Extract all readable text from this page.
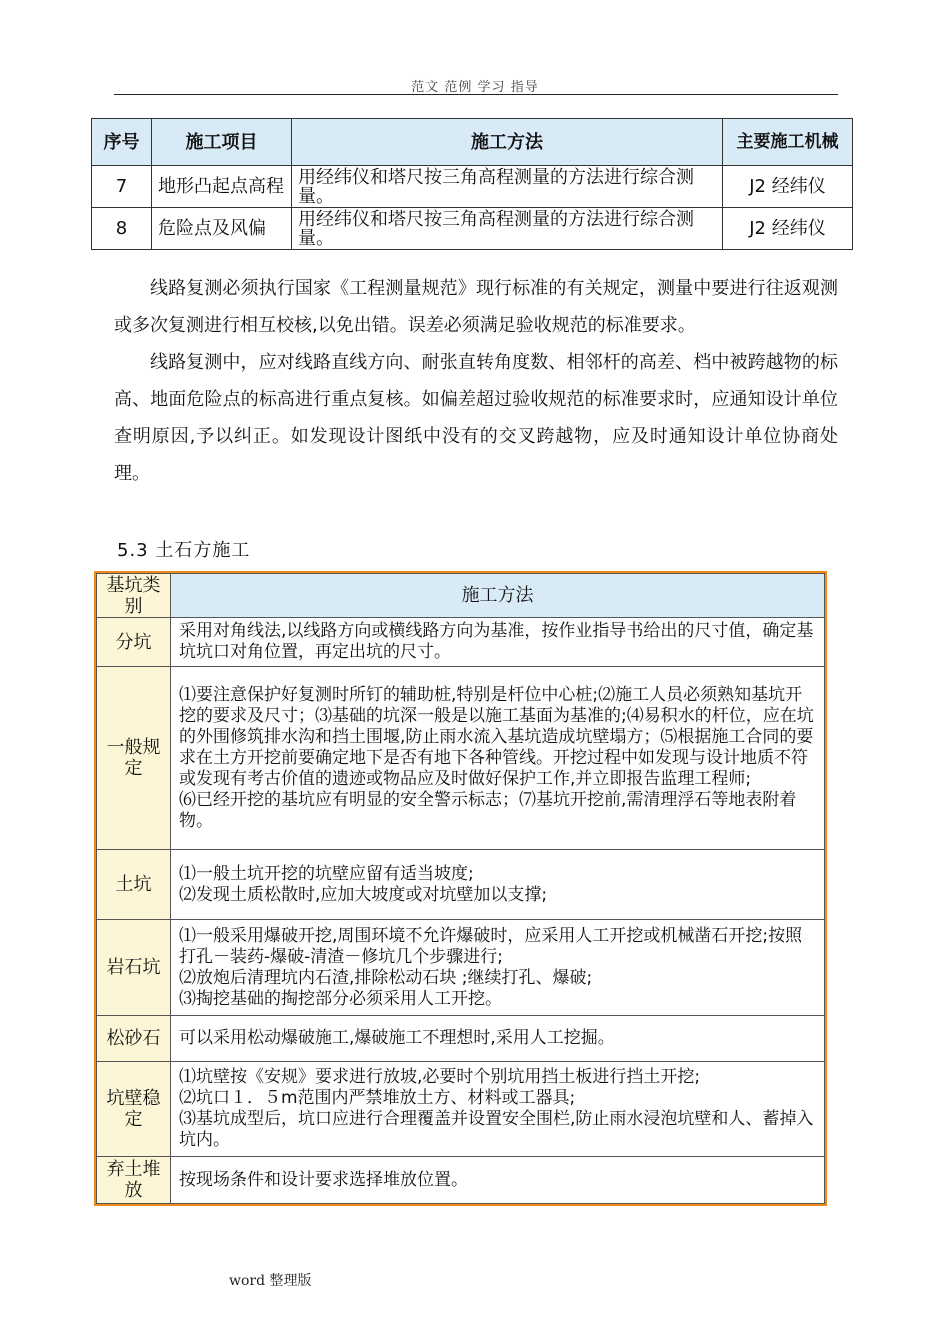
范文 范例 学习 指导
序号	施工项目	施工方法	主要施工机械
7	地形凸起点高程	用经纬仪和塔尺按三角高程测量的方法进行综合测量。	J2 经纬仪
8	危险点及风偏	用经纬仪和塔尺按三角高程测量的方法进行综合测量。	J2 经纬仪
线路复测必须执行国家《工程测量规范》现行标准的有关规定，测量中要进行往返观测或多次复测进行相互校核,以免出错。误差必须满足验收规范的标准要求。
线路复测中，应对线路直线方向、耐张直转角度数、相邻杆的高差、档中被跨越物的标高、地面危险点的标高进行重点复核。如偏差超过验收规范的标准要求时，应通知设计单位查明原因,予以纠正。如发现设计图纸中没有的交叉跨越物，应及时通知设计单位协商处理。
5.3 土石方施工
基坑类别	施工方法
分坑	采用对角线法,以线路方向或横线路方向为基准，按作业指导书给出的尺寸值，确定基坑坑口对角位置，再定出坑的尺寸。

一般规定	⑴要注意保护好复测时所钉的辅助桩,特别是杆位中心桩;⑵施工人员必须熟知基坑开挖的要求及尺寸；⑶基础的坑深一般是以施工基面为基准的;⑷易积水的杆位，应在坑的外围修筑排水沟和挡土围堰,防止雨水流入基坑造成坑壁塌方；⑸根据施工合同的要求在土方开挖前要确定地下是否有地下各种管线。开挖过程中如发现与设计地质不符或发现有考古价值的遗迹或物品应及时做好保护工作,并立即报告监理工程师;
⑹已经开挖的基坑应有明显的安全警示标志；⑺基坑开挖前,需清理浮石等地表附着物。

土坑	⑴一般土坑开挖的坑壁应留有适当坡度;
⑵发现土质松散时,应加大坡度或对坑壁加以支撑;

岩石坑	⑴一般采用爆破开挖,周围环境不允许爆破时，应采用人工开挖或机械凿石开挖;按照打孔－装药-爆破-清渣－修坑几个步骤进行;
⑵放炮后清理坑内石渣,排除松动石块 ;继续打孔、爆破;
⑶掏挖基础的掏挖部分必须采用人工开挖。

松砂石	可以采用松动爆破施工,爆破施工不理想时,采用人工挖掘。

坑壁稳定	⑴坑壁按《安规》要求进行放坡,必要时个别坑用挡土板进行挡土开挖;
⑵坑口１．５m范围内严禁堆放土方、材料或工器具;
⑶基坑成型后，坑口应进行合理覆盖并设置安全围栏,防止雨水浸泡坑壁和人、蓄掉入坑内。

弃土堆放	按现场条件和设计要求选择堆放位置。
word 整理版
